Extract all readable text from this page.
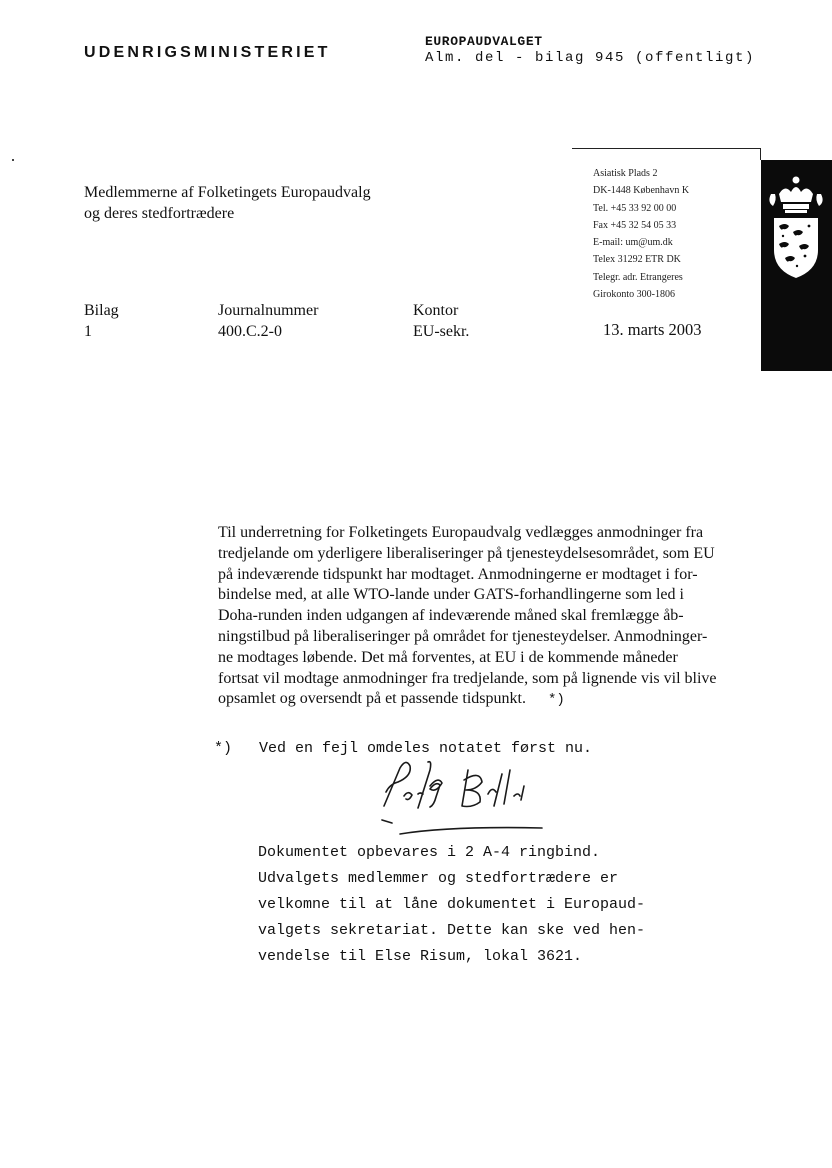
UDENRIGSMINISTERIET
EUROPAUDVALGET
Alm. del - bilag 945 (offentligt)
Medlemmerne af Folketingets Europaudvalg
og deres stedfortrædere
Asiatisk Plads 2
DK-1448 København K
Tel. +45 33 92 00 00
Fax +45 32 54 05 33
E-mail: um@um.dk
Telex 31292 ETR DK
Telegr. adr. Etrangeres
Girokonto 300-1806
Bilag	Journalnummer	Kontor
1	400.C.2-0	EU-sekr.	13. marts 2003
Til underretning for Folketingets Europaudvalg vedlægges anmodninger fra
tredjelande om yderligere liberaliseringer på tjenesteydelsesområdet, som EU
på indeværende tidspunkt har modtaget. Anmodningerne er modtaget i for-
bindelse med, at alle WTO-lande under GATS-forhandlingerne som led i
Doha-runden inden udgangen af indeværende måned skal fremlægge åb-
ningstilbud på liberaliseringer på området for tjenesteydelser. Anmodninger-
ne modtages løbende. Det må forventes, at EU i de kommende måneder
fortsat vil modtage anmodninger fra tredjelande, som på lignende vis vil blive
opsamlet og oversendt på et passende tidspunkt. *)
*)   Ved en fejl omdeles notatet først nu.
Dokumentet opbevares i 2 A-4 ringbind.
Udvalgets medlemmer og stedfortrædere er
velkomne til at låne dokumentet i Europaud-
valgets sekretariat. Dette kan ske ved hen-
vendelse til Else Risum, lokal 3621.
